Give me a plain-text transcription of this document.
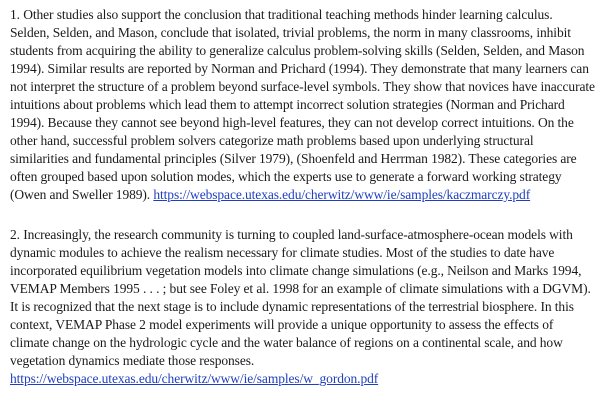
1. Other studies also support the conclusion that traditional teaching methods hinder learning calculus. Selden, Selden, and Mason, conclude that isolated, trivial problems, the norm in many classrooms, inhibit students from acquiring the ability to generalize calculus problem-solving skills (Selden, Selden, and Mason 1994). Similar results are reported by Norman and Prichard (1994). They demonstrate that many learners can not interpret the structure of a problem beyond surface-level symbols. They show that novices have inaccurate intuitions about problems which lead them to attempt incorrect solution strategies (Norman and Prichard 1994). Because they cannot see beyond high-level features, they can not develop correct intuitions. On the other hand, successful problem solvers categorize math problems based upon underlying structural similarities and fundamental principles (Silver 1979), (Shoenfeld and Herrman 1982). These categories are often grouped based upon solution modes, which the experts use to generate a forward working strategy (Owen and Sweller 1989). https://webspace.utexas.edu/cherwitz/www/ie/samples/kaczmarczy.pdf

2. Increasingly, the research community is turning to coupled land-surface-atmosphere-ocean models with dynamic modules to achieve the realism necessary for climate studies. Most of the studies to date have incorporated equilibrium vegetation models into climate change simulations (e.g., Neilson and Marks 1994, VEMAP Members 1995 . . . ; but see Foley et al. 1998 for an example of climate simulations with a DGVM). It is recognized that the next stage is to include dynamic representations of the terrestrial biosphere. In this context, VEMAP Phase 2 model experiments will provide a unique opportunity to assess the effects of climate change on the hydrologic cycle and the water balance of regions on a continental scale, and how vegetation dynamics mediate those responses. https://webspace.utexas.edu/cherwitz/www/ie/samples/w_gordon.pdf
